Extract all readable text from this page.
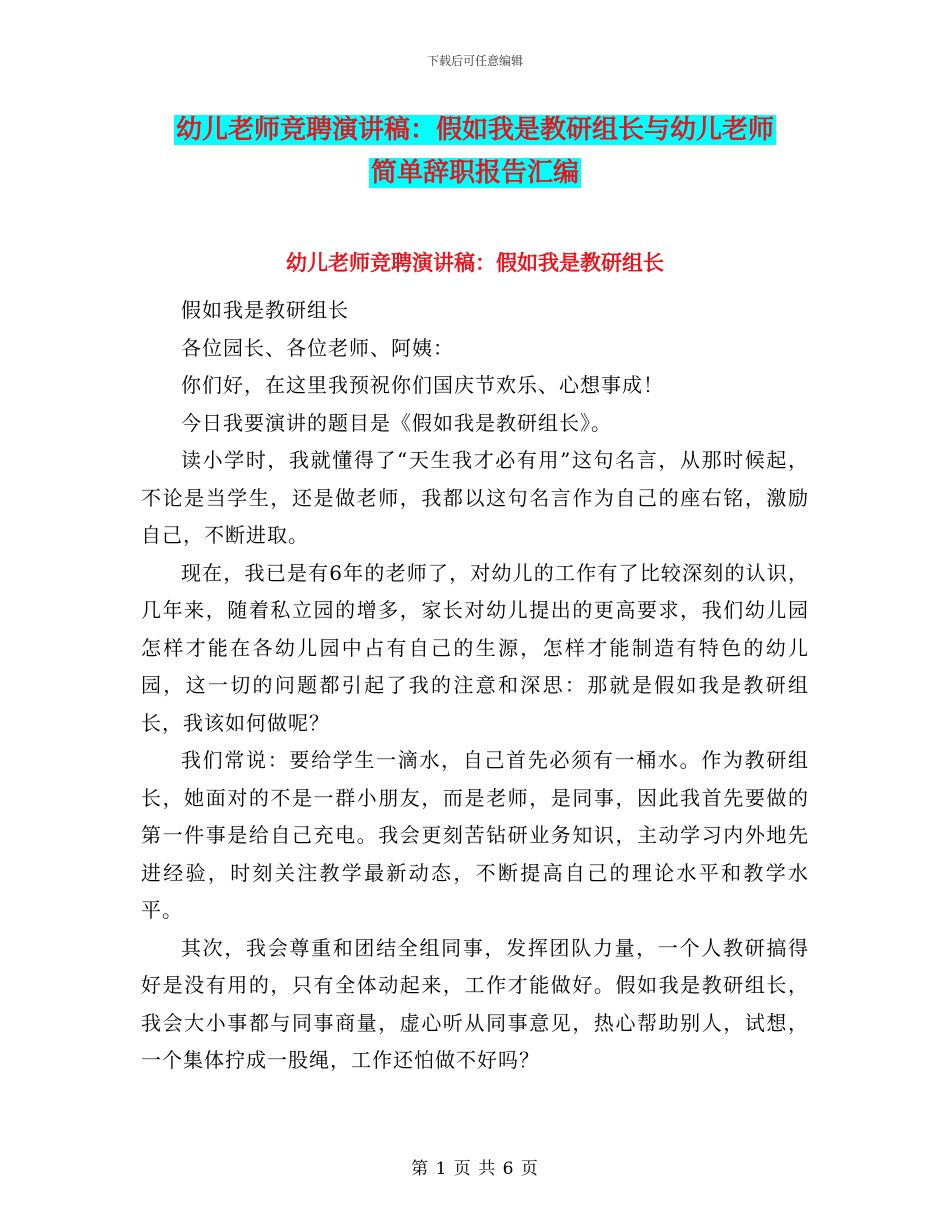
下载后可任意编辑
幼儿老师竞聘演讲稿：假如我是教研组长与幼儿老师
简单辞职报告汇编
幼儿老师竞聘演讲稿：假如我是教研组长

假如我是教研组长

各位园长、各位老师、阿姨：

你们好，在这里我预祝你们国庆节欢乐、心想事成！

今日我要演讲的题目是《假如我是教研组长》。

读小学时，我就懂得了“天生我才必有用”这句名言，从那时候起，不论是当学生，还是做老师，我都以这句名言作为自己的座右铭，激励自己，不断进取。

现在，我已是有6年的老师了，对幼儿的工作有了比较深刻的认识，几年来，随着私立园的增多，家长对幼儿提出的更高要求，我们幼儿园怎样才能在各幼儿园中占有自己的生源，怎样才能制造有特色的幼儿园，这一切的问题都引起了我的注意和深思：那就是假如我是教研组长，我该如何做呢？

我们常说：要给学生一滴水，自己首先必须有一桶水。作为教研组长，她面对的不是一群小朋友，而是老师，是同事，因此我首先要做的第一件事是给自己充电。我会更刻苦钻研业务知识，主动学习内外地先进经验，时刻关注教学最新动态，不断提高自己的理论水平和教学水平。

其次，我会尊重和团结全组同事，发挥团队力量，一个人教研搞得好是没有用的，只有全体动起来，工作才能做好。假如我是教研组长，我会大小事都与同事商量，虚心听从同事意见，热心帮助别人，试想，一个集体拧成一股绳，工作还怕做不好吗？

第 1 页 共 6 页
